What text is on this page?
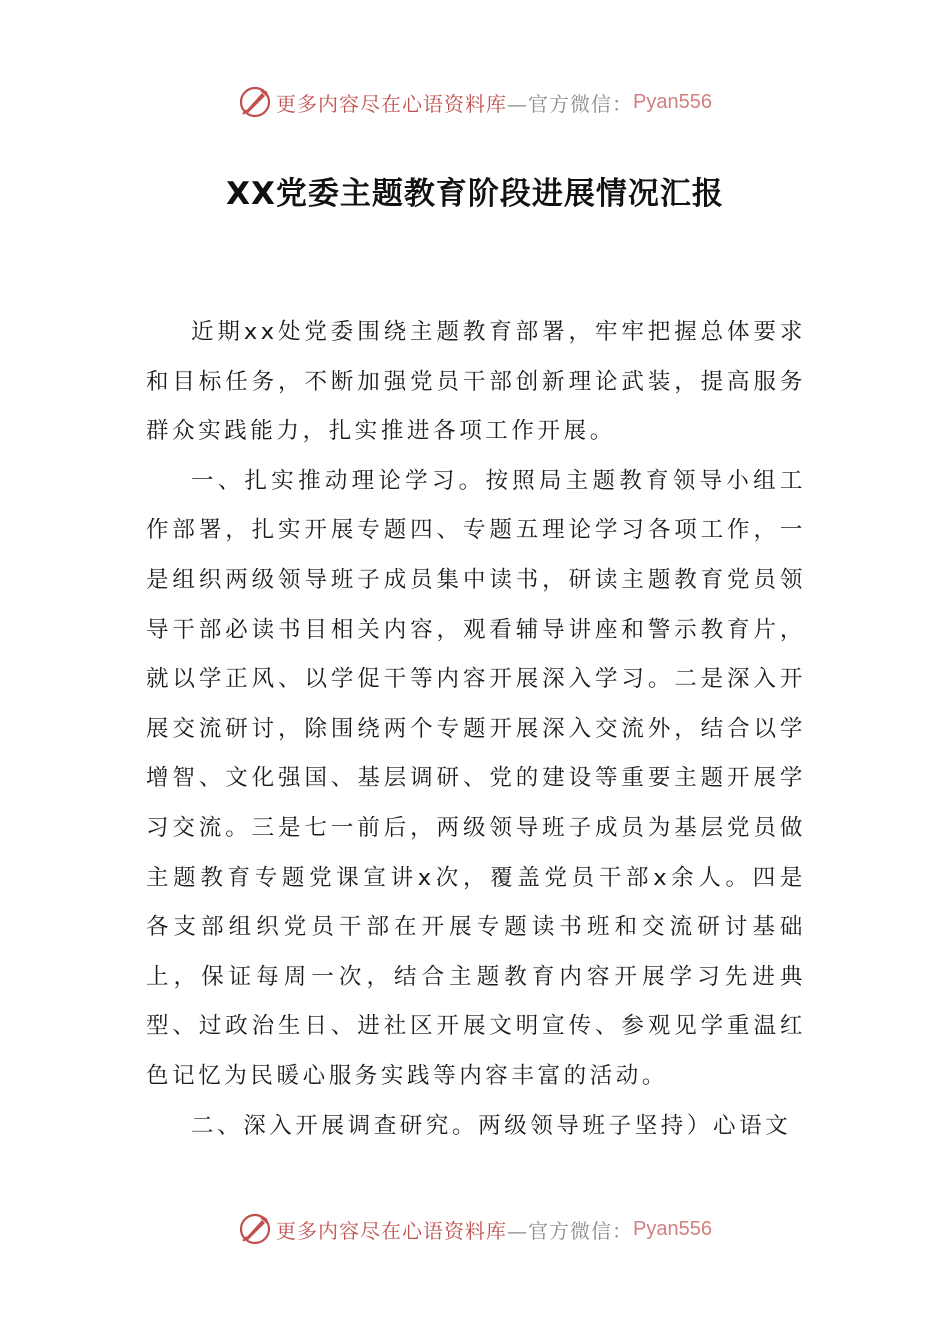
更多内容尽在心语资料库 —官方微信： Pyan556
XX党委主题教育阶段进展情况汇报

近期xx处党委围绕主题教育部署，牢牢把握总体要求和目标任务，不断加强党员干部创新理论武装，提高服务群众实践能力，扎实推进各项工作开展。

一、扎实推动理论学习。按照局主题教育领导小组工作部署，扎实开展专题四、专题五理论学习各项工作，一是组织两级领导班子成员集中读书，研读主题教育党员领导干部必读书目相关内容，观看辅导讲座和警示教育片，就以学正风、以学促干等内容开展深入学习。二是深入开展交流研讨，除围绕两个专题开展深入交流外，结合以学增智、文化强国、基层调研、党的建设等重要主题开展学习交流。三是七一前后，两级领导班子成员为基层党员做主题教育专题党课宣讲x次，覆盖党员干部x余人。四是各支部组织党员干部在开展专题读书班和交流研讨基础上，保证每周一次，结合主题教育内容开展学习先进典型、过政治生日、进社区开展文明宣传、参观见学重温红色记忆为民暖心服务实践等内容丰富的活动。

二、深入开展调查研究。两级领导班子坚持）心语文

更多内容尽在心语资料库 —官方微信： Pyan556
